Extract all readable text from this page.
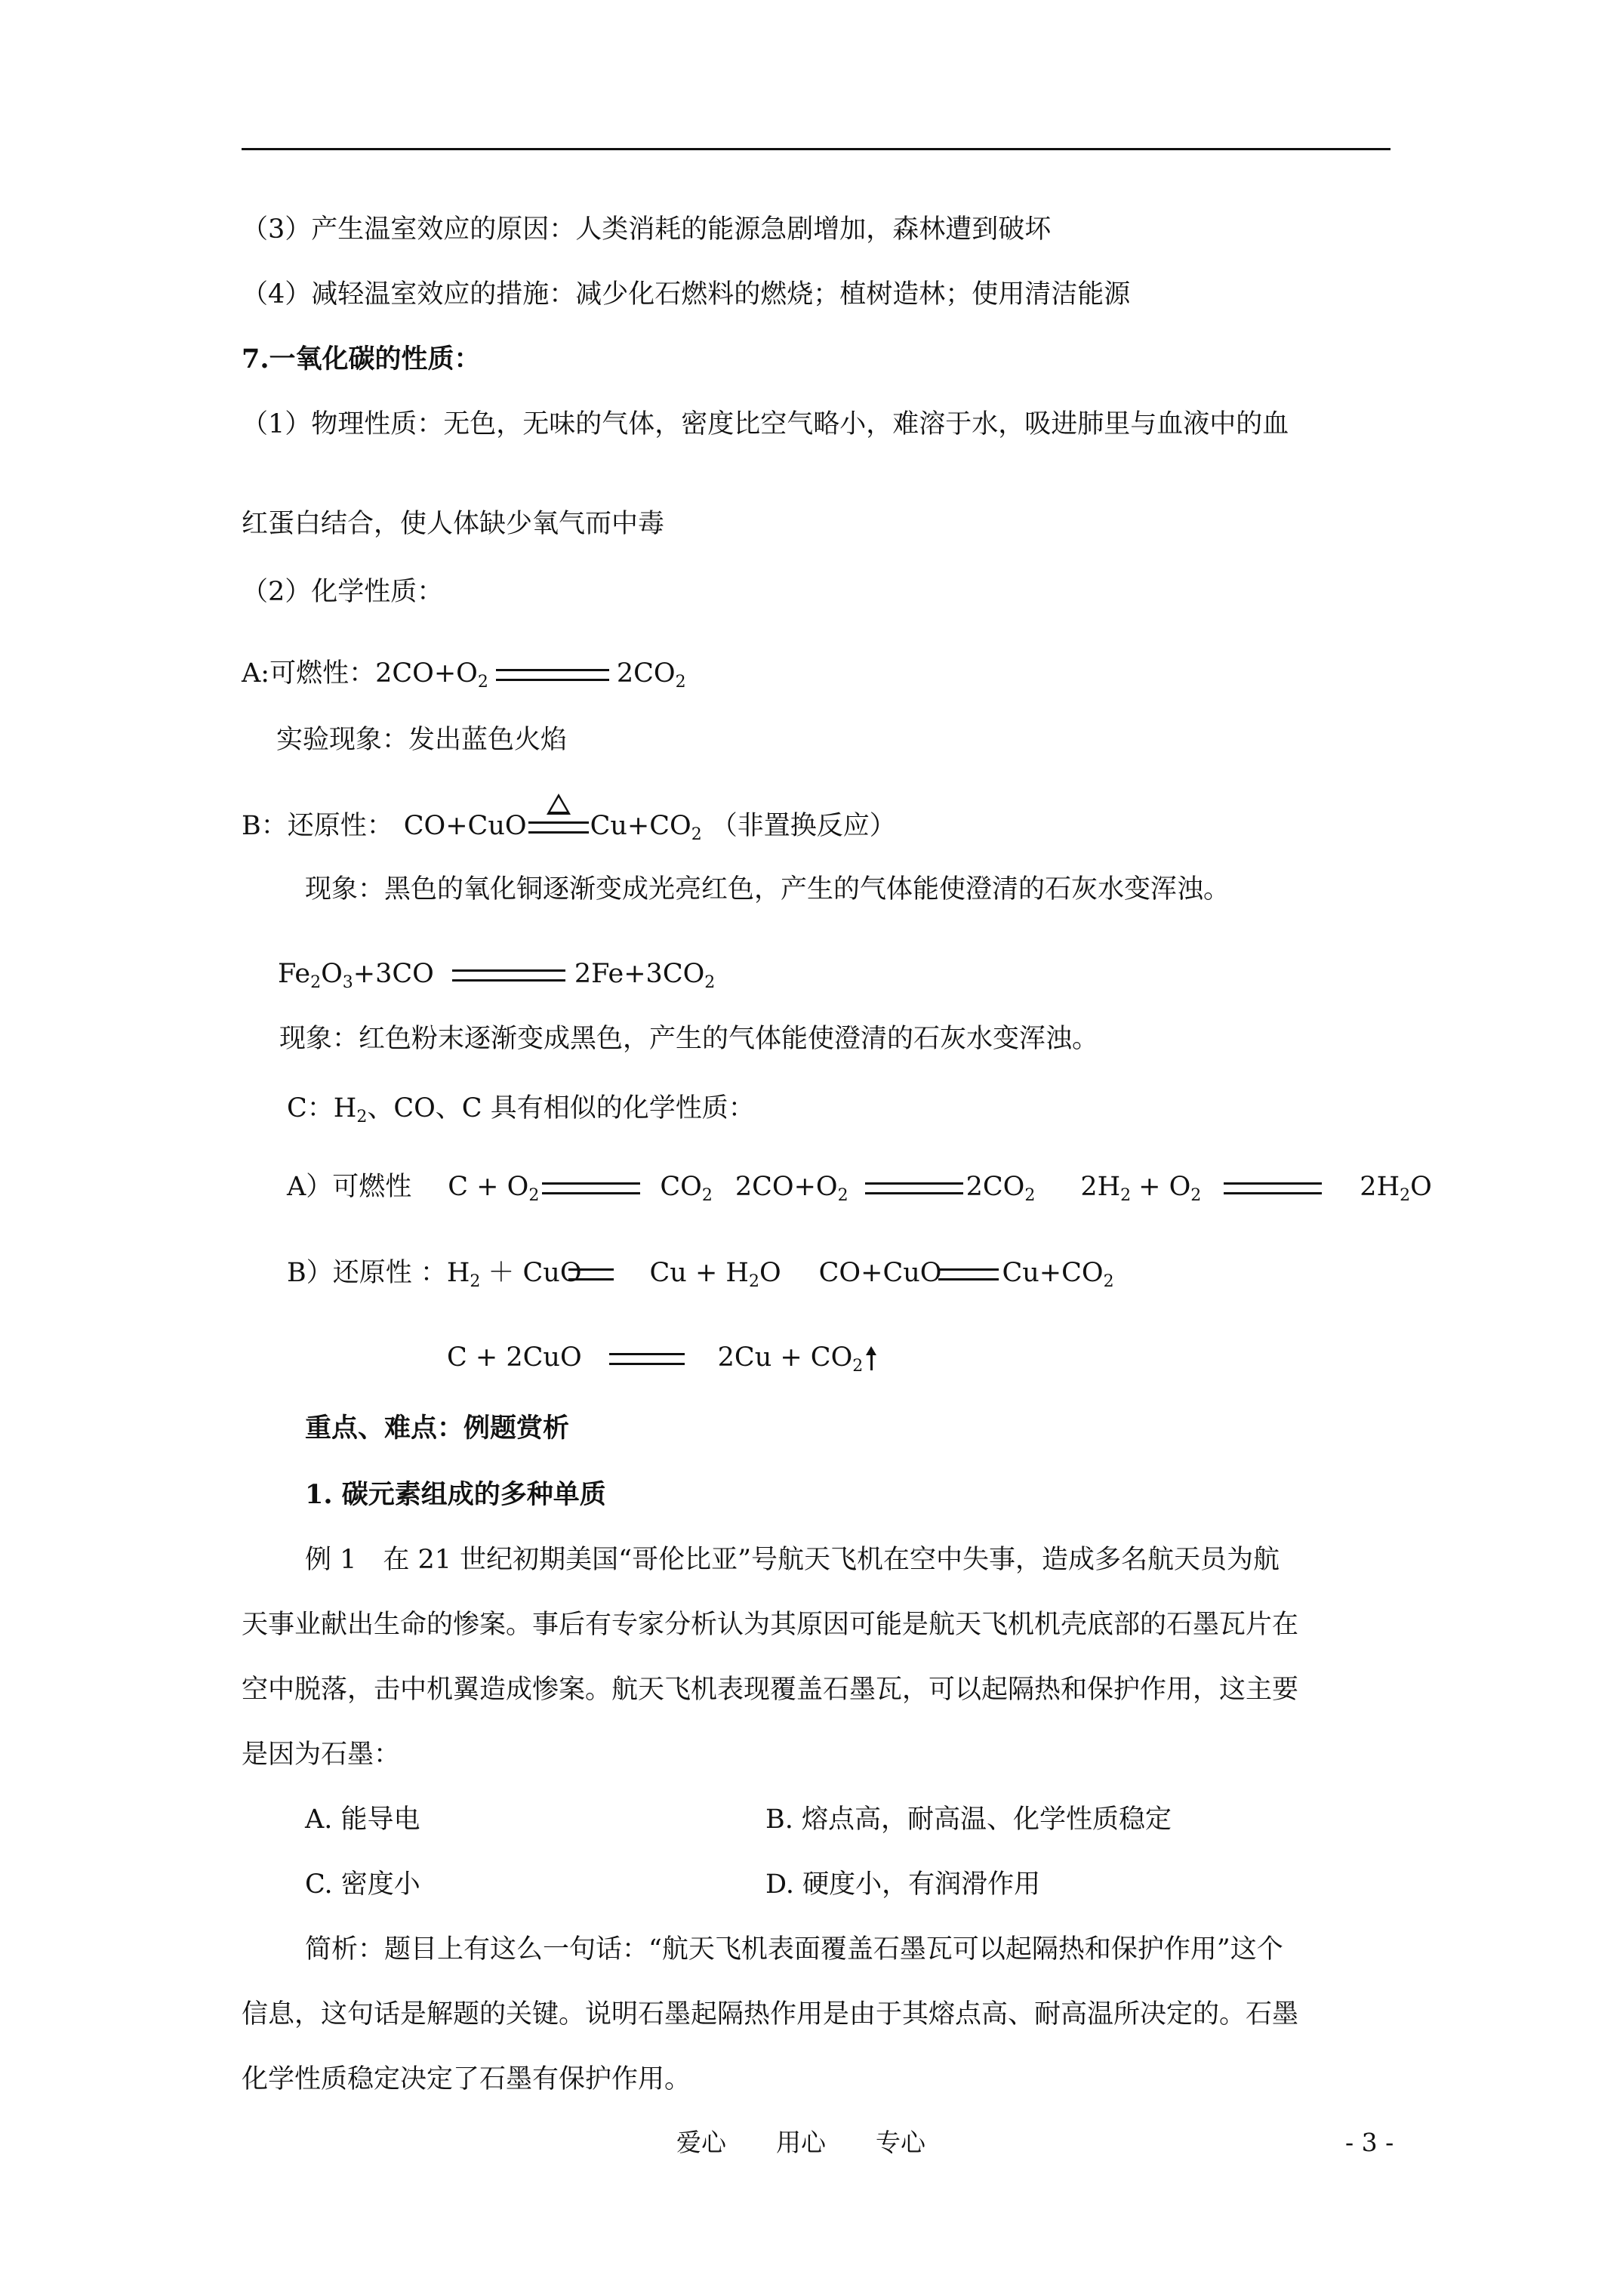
（3）产生温室效应的原因：人类消耗的能源急剧增加，森林遭到破坏
（4）减轻温室效应的措施：减少化石燃料的燃烧；植树造林；使用清洁能源
7.一氧化碳的性质：
（1）物理性质：无色，无味的气体，密度比空气略小，难溶于水，吸进肺里与血液中的血
红蛋白结合，使人体缺少氧气而中毒
（2）化学性质：
A:可燃性：$2CO+O_2$	$2CO_2$
实验现象：发出蓝色火焰
B：还原性： CO+CuO $Cu+CO_2$ （非置换反应）
现象：黑色的氧化铜逐渐变成光亮红色，产生的气体能使澄清的石灰水变浑浊。
$Fe_2O_3+3CO$	$2Fe+3CO_2$
现象：红色粉末逐渐变成黑色，产生的气体能使澄清的石灰水变浑浊。
C：$H_2$、CO、C 具有相似的化学性质：
A）可燃性 $C + O_2$	$CO_2$ $2CO+O_2$	$2CO_2$ $2H_2 + O_2$	$2H_2O$
B）还原性 ：$H_2$ ＋ CuO	$Cu + H_2O$ CO+CuO $Cu+CO_2$
C + 2CuO	$2Cu + CO_2$
重点、难点：例题赏析
1. 碳元素组成的多种单质
例 1　在 21 世纪初期美国“哥伦比亚”号航天飞机在空中失事，造成多名航天员为航
天事业献出生命的惨案。事后有专家分析认为其原因可能是航天飞机机壳底部的石墨瓦片在
空中脱落，击中机翼造成惨案。航天飞机表现覆盖石墨瓦，可以起隔热和保护作用，这主要
是因为石墨：
A. 能导电	B. 熔点高，耐高温、化学性质稳定
C. 密度小	D. 硬度小，有润滑作用
简析：题目上有这么一句话：“航天飞机表面覆盖石墨瓦可以起隔热和保护作用”这个
信息，这句话是解题的关键。说明石墨起隔热作用是由于其熔点高、耐高温所决定的。石墨
化学性质稳定决定了石墨有保护作用。
爱心　　用心　　专心	- 3 -
